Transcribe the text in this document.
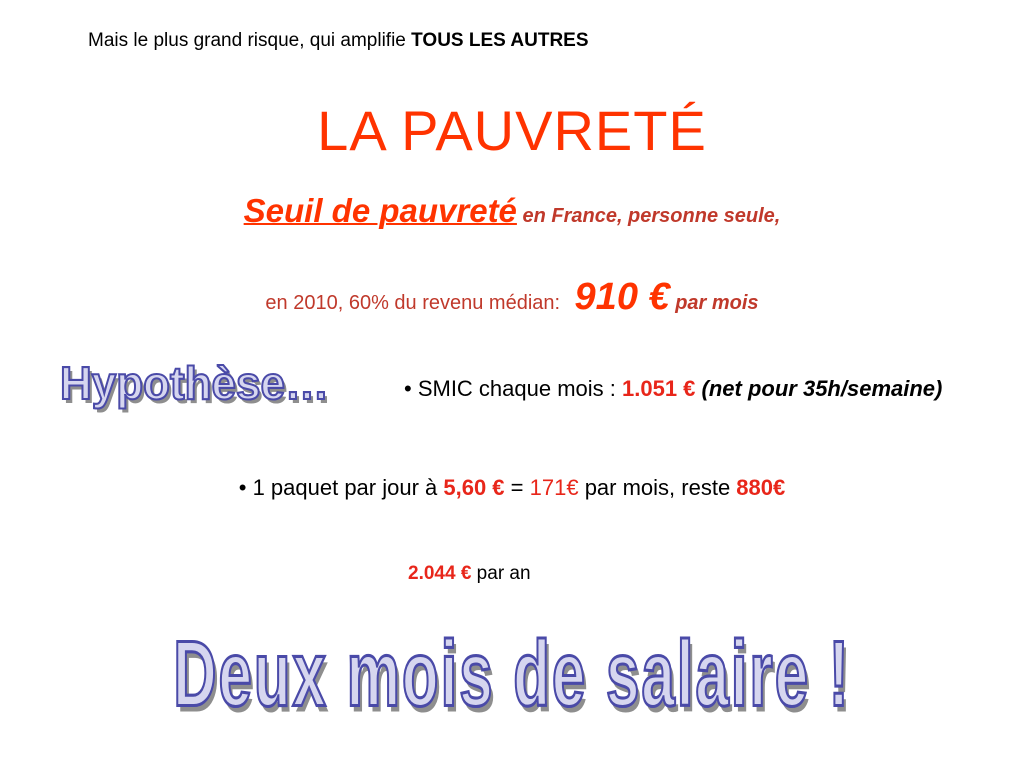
Mais le plus grand risque, qui amplifie TOUS LES AUTRES
LA PAUVRETÉ
Seuil de pauvreté en France, personne seule,
en 2010, 60% du revenu médian: 910 € par mois
Hypothèse…	• SMIC chaque mois : 1.051 € (net pour 35h/semaine)
• 1 paquet par jour à 5,60 € = 171€ par mois, reste 880€
2.044 € par an
Deux mois de salaire !
